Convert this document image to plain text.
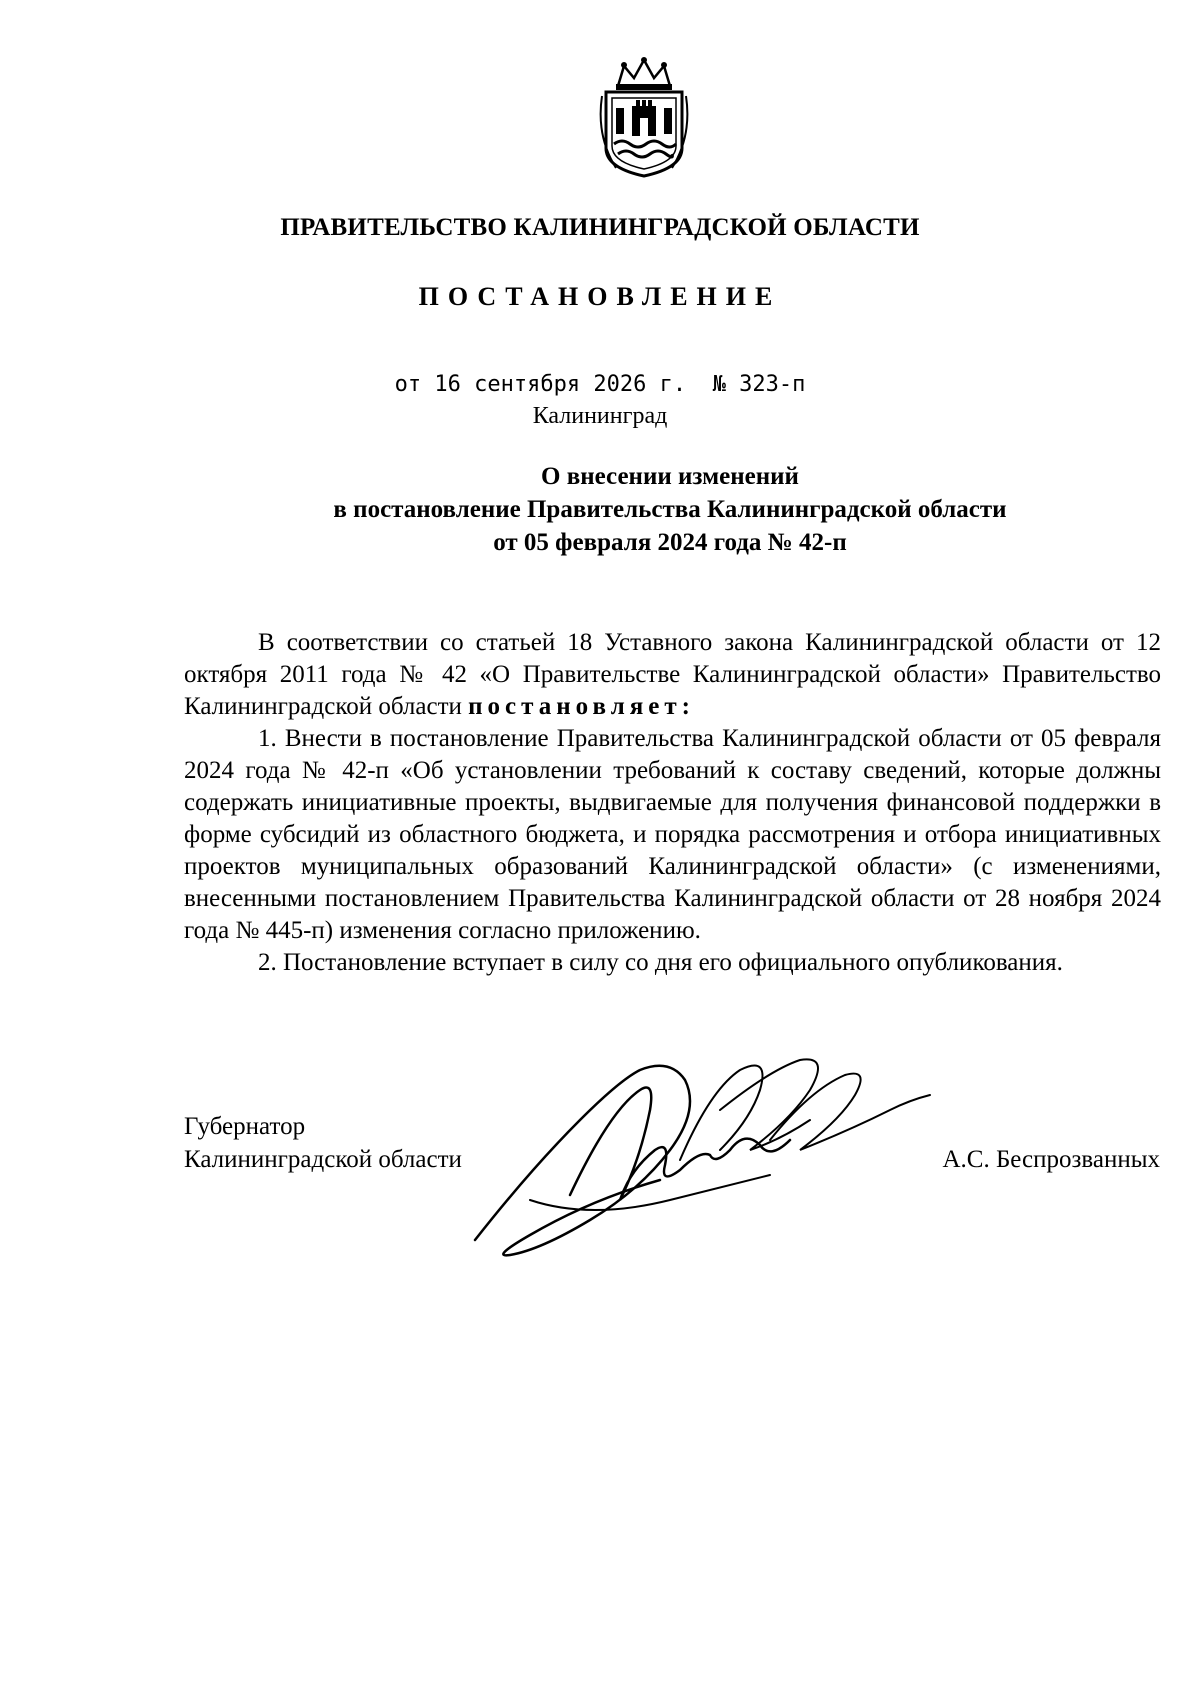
ПРАВИТЕЛЬСТВО КАЛИНИНГРАДСКОЙ ОБЛАСТИ
ПОСТАНОВЛЕНИЕ
от 16 сентября 2026 г. № 323-п
Калининград
О внесении изменений
в постановление Правительства Калининградской области
от 05 февраля 2024 года № 42-п

В соответствии со статьей 18 Уставного закона Калининградской области от 12 октября 2011 года № 42 «О Правительстве Калининградской области» Правительство Калининградской области постановляет:

1. Внести в постановление Правительства Калининградской области от 05 февраля 2024 года № 42-п «Об установлении требований к составу сведений, которые должны содержать инициативные проекты, выдвигаемые для получения финансовой поддержки в форме субсидий из областного бюджета, и порядка рассмотрения и отбора инициативных проектов муниципальных образований Калининградской области» (с изменениями, внесенными постановлением Правительства Калининградской области от 28 ноября 2024 года № 445-п) изменения согласно приложению.

2. Постановление вступает в силу со дня его официального опубликования.

Губернатор
Калининградской области	А.С. Беспрозванных
